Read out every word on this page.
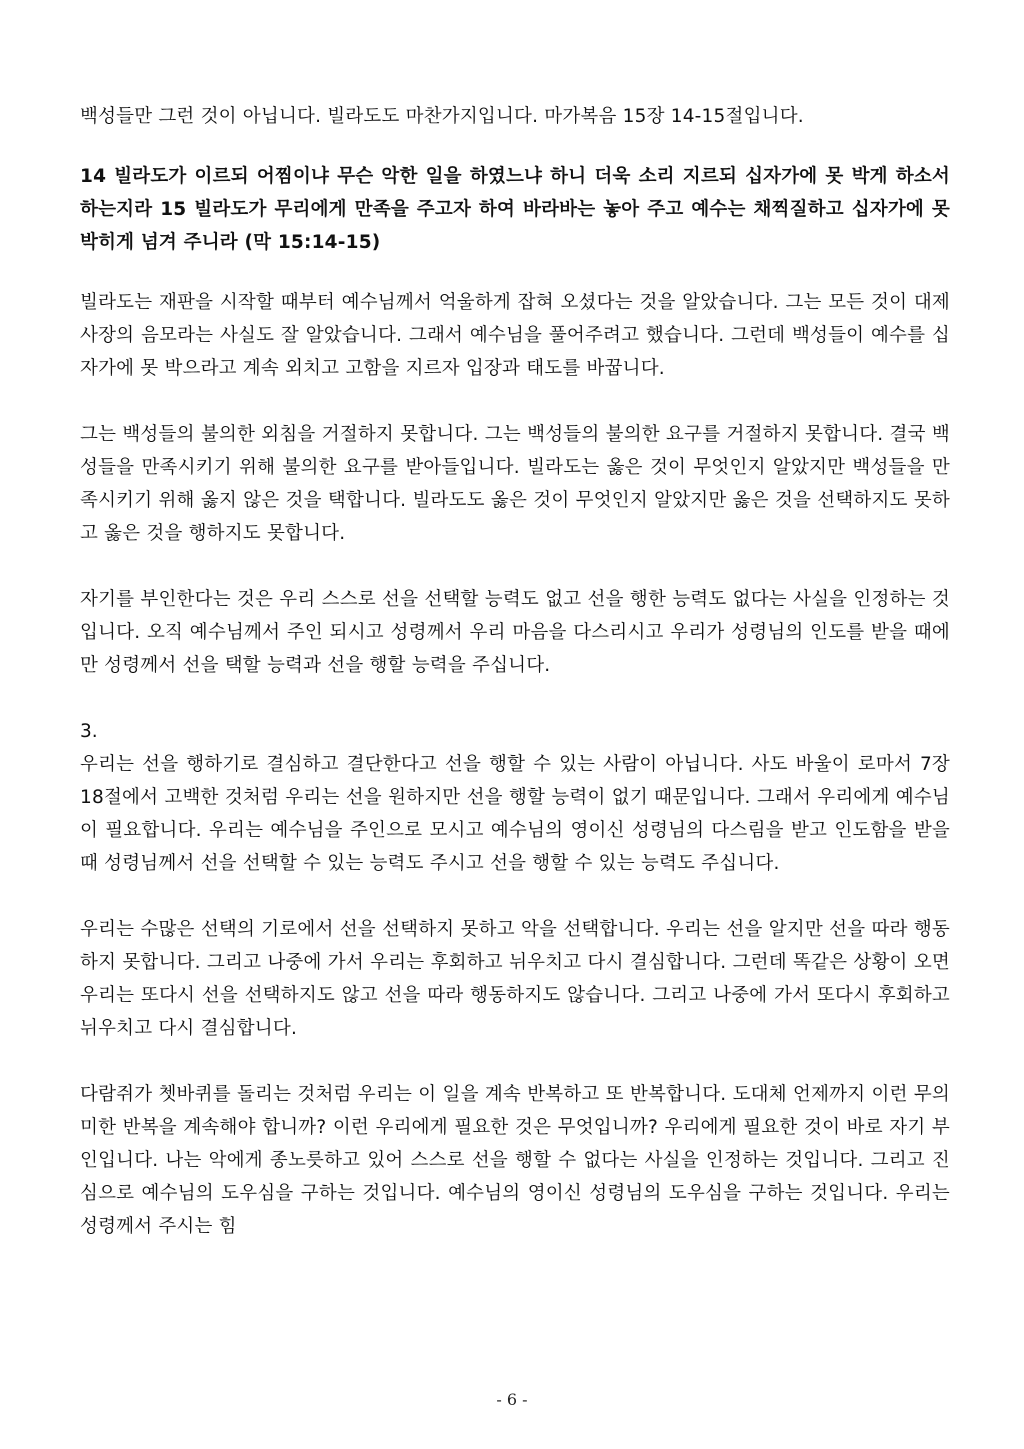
백성들만 그런 것이 아닙니다. 빌라도도 마찬가지입니다. 마가복음 15장 14-15절입니다.

14 빌라도가 이르되 어찜이냐 무슨 악한 일을 하였느냐 하니 더욱 소리 지르되 십자가에 못 박게 하소서 하는지라 15 빌라도가 무리에게 만족을 주고자 하여 바라바는 놓아 주고 예수는 채찍질하고 십자가에 못 박히게 넘겨 주니라 (막 15:14-15)

빌라도는 재판을 시작할 때부터 예수님께서 억울하게 잡혀 오셨다는 것을 알았습니다. 그는 모든 것이 대제사장의 음모라는 사실도 잘 알았습니다. 그래서 예수님을 풀어주려고 했습니다. 그런데 백성들이 예수를 십자가에 못 박으라고 계속 외치고 고함을 지르자 입장과 태도를 바꿉니다.

그는 백성들의 불의한 외침을 거절하지 못합니다. 그는 백성들의 불의한 요구를 거절하지 못합니다. 결국 백성들을 만족시키기 위해 불의한 요구를 받아들입니다. 빌라도는 옳은 것이 무엇인지 알았지만 백성들을 만족시키기 위해 옳지 않은 것을 택합니다. 빌라도도 옳은 것이 무엇인지 알았지만 옳은 것을 선택하지도 못하고 옳은 것을 행하지도 못합니다.

자기를 부인한다는 것은 우리 스스로 선을 선택할 능력도 없고 선을 행한 능력도 없다는 사실을 인정하는 것입니다. 오직 예수님께서 주인 되시고 성령께서 우리 마음을 다스리시고 우리가 성령님의 인도를 받을 때에만 성령께서 선을 택할 능력과 선을 행할 능력을 주십니다.

3.

우리는 선을 행하기로 결심하고 결단한다고 선을 행할 수 있는 사람이 아닙니다. 사도 바울이 로마서 7장 18절에서 고백한 것처럼 우리는 선을 원하지만 선을 행할 능력이 없기 때문입니다. 그래서 우리에게 예수님이 필요합니다. 우리는 예수님을 주인으로 모시고 예수님의 영이신 성령님의 다스림을 받고 인도함을 받을 때 성령님께서 선을 선택할 수 있는 능력도 주시고 선을 행할 수 있는 능력도 주십니다.

우리는 수많은 선택의 기로에서 선을 선택하지 못하고 악을 선택합니다. 우리는 선을 알지만 선을 따라 행동하지 못합니다. 그리고 나중에 가서 우리는 후회하고 뉘우치고 다시 결심합니다. 그런데 똑같은 상황이 오면 우리는 또다시 선을 선택하지도 않고 선을 따라 행동하지도 않습니다. 그리고 나중에 가서 또다시 후회하고 뉘우치고 다시 결심합니다.

다람쥐가 쳇바퀴를 돌리는 것처럼 우리는 이 일을 계속 반복하고 또 반복합니다. 도대체 언제까지 이런 무의미한 반복을 계속해야 합니까? 이런 우리에게 필요한 것은 무엇입니까? 우리에게 필요한 것이 바로 자기 부인입니다. 나는 악에게 종노릇하고 있어 스스로 선을 행할 수 없다는 사실을 인정하는 것입니다. 그리고 진심으로 예수님의 도우심을 구하는 것입니다. 예수님의 영이신 성령님의 도우심을 구하는 것입니다. 우리는 성령께서 주시는 힘

- 6 -
